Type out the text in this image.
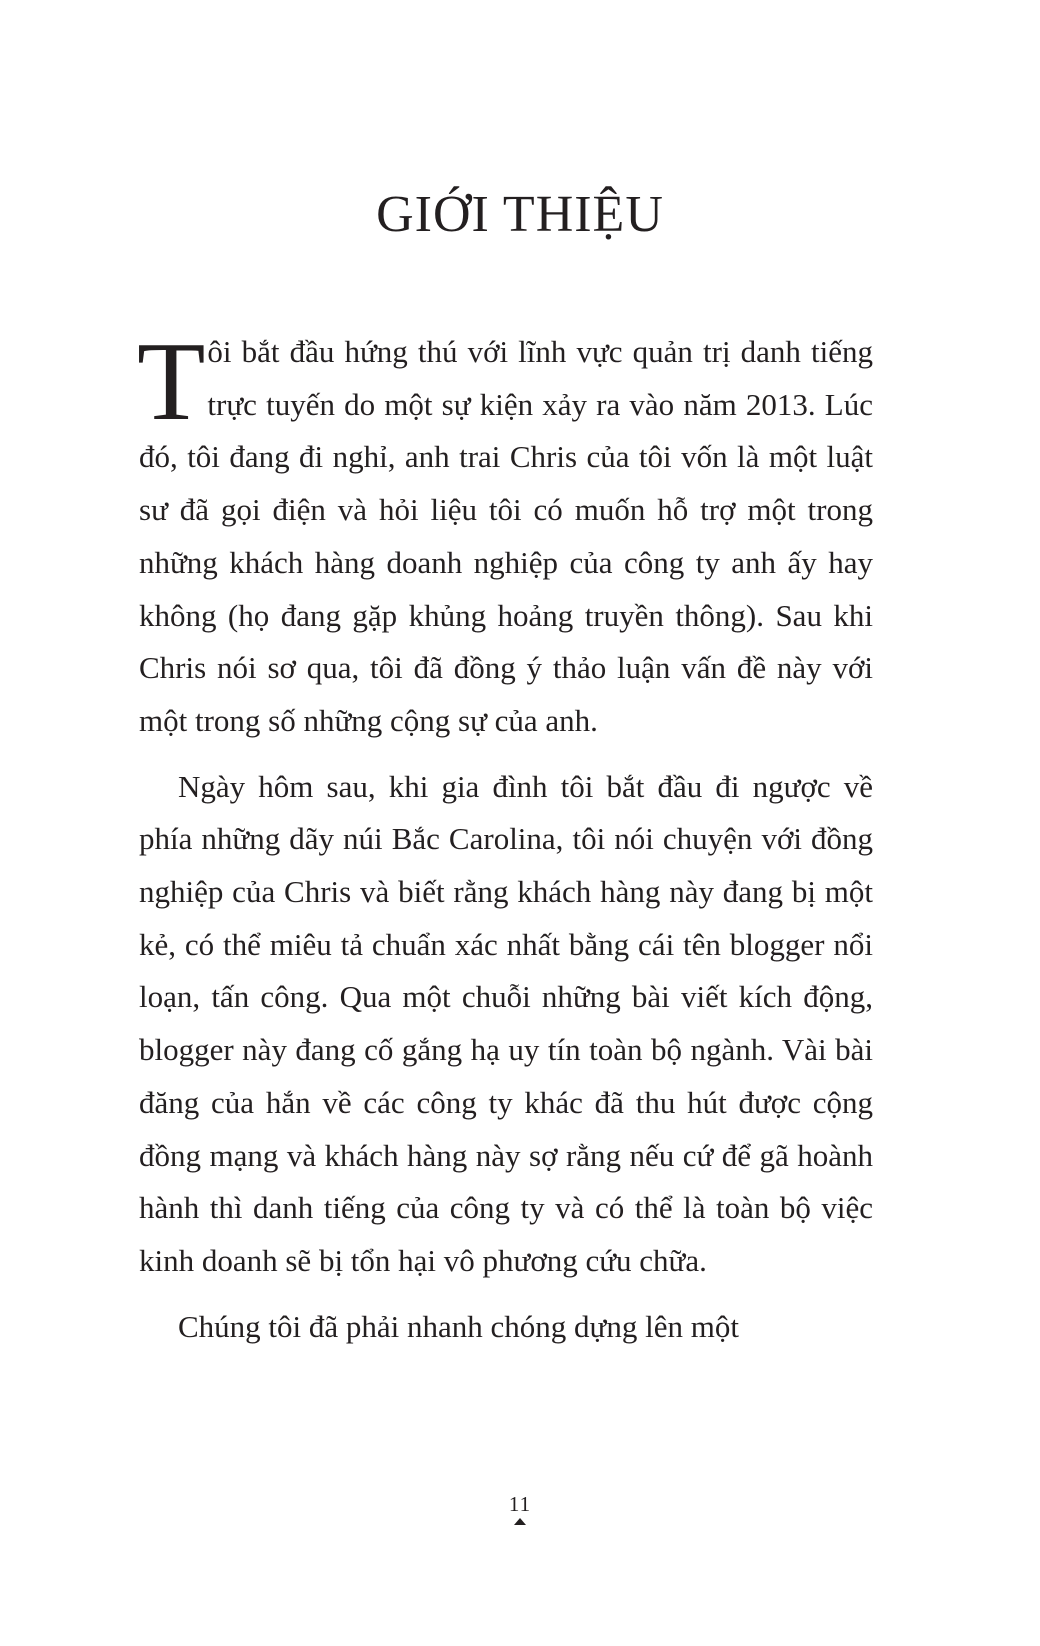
GIỚI THIỆU

Tôi bắt đầu hứng thú với lĩnh vực quản trị danh tiếng trực tuyến do một sự kiện xảy ra vào năm 2013. Lúc đó, tôi đang đi nghỉ, anh trai Chris của tôi vốn là một luật sư đã gọi điện và hỏi liệu tôi có muốn hỗ trợ một trong những khách hàng doanh nghiệp của công ty anh ấy hay không (họ đang gặp khủng hoảng truyền thông). Sau khi Chris nói sơ qua, tôi đã đồng ý thảo luận vấn đề này với một trong số những cộng sự của anh.

Ngày hôm sau, khi gia đình tôi bắt đầu đi ngược về phía những dãy núi Bắc Carolina, tôi nói chuyện với đồng nghiệp của Chris và biết rằng khách hàng này đang bị một kẻ, có thể miêu tả chuẩn xác nhất bằng cái tên blogger nổi loạn, tấn công. Qua một chuỗi những bài viết kích động, blogger này đang cố gắng hạ uy tín toàn bộ ngành. Vài bài đăng của hắn về các công ty khác đã thu hút được cộng đồng mạng và khách hàng này sợ rằng nếu cứ để gã hoành hành thì danh tiếng của công ty và có thể là toàn bộ việc kinh doanh sẽ bị tổn hại vô phương cứu chữa.

Chúng tôi đã phải nhanh chóng dựng lên một

11
